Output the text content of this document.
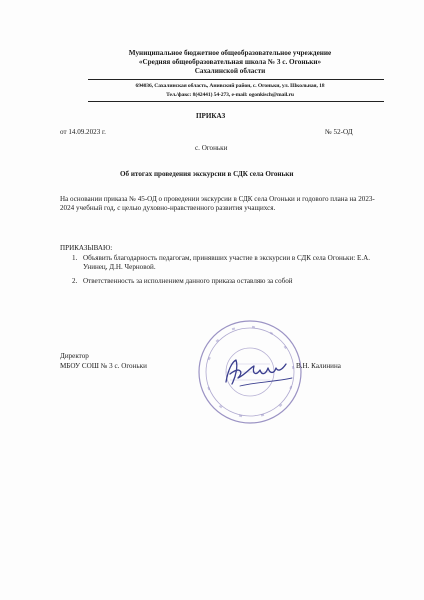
Муниципальное бюджетное общеобразовательное учреждение
«Средняя общеобразовательная школа № 3 с. Огоньки»
Сахалинской области
694036, Сахалинская область, Анивский район, с. Огоньки, ул. Школьная, 18
Тел./факс: 8(42441) 54-273, e-mail: ogonkisch@mail.ru
ПРИКАЗ
от 14.09.2023 г.	№ 52-ОД
с. Огоньки
Об итогах проведения экскурсии в СДК села Огоньки
На основании приказа № 45-ОД о проведении экскурсии в СДК села Огоньки и годового плана на 2023-2024 учебный год, с целью духовно-нравственного развития учащихся.
ПРИКАЗЫВАЮ:
1. Объявить благодарность педагогам, принявших участие в экскурсии в СДК села Огоньки: Е.А. Унинец, Д.Н. Черновой.
2. Ответственность за исполнением данного приказа оставляю за собой
Директор
МБОУ СОШ № 3 с. Огоньки	В.Н. Калинина
